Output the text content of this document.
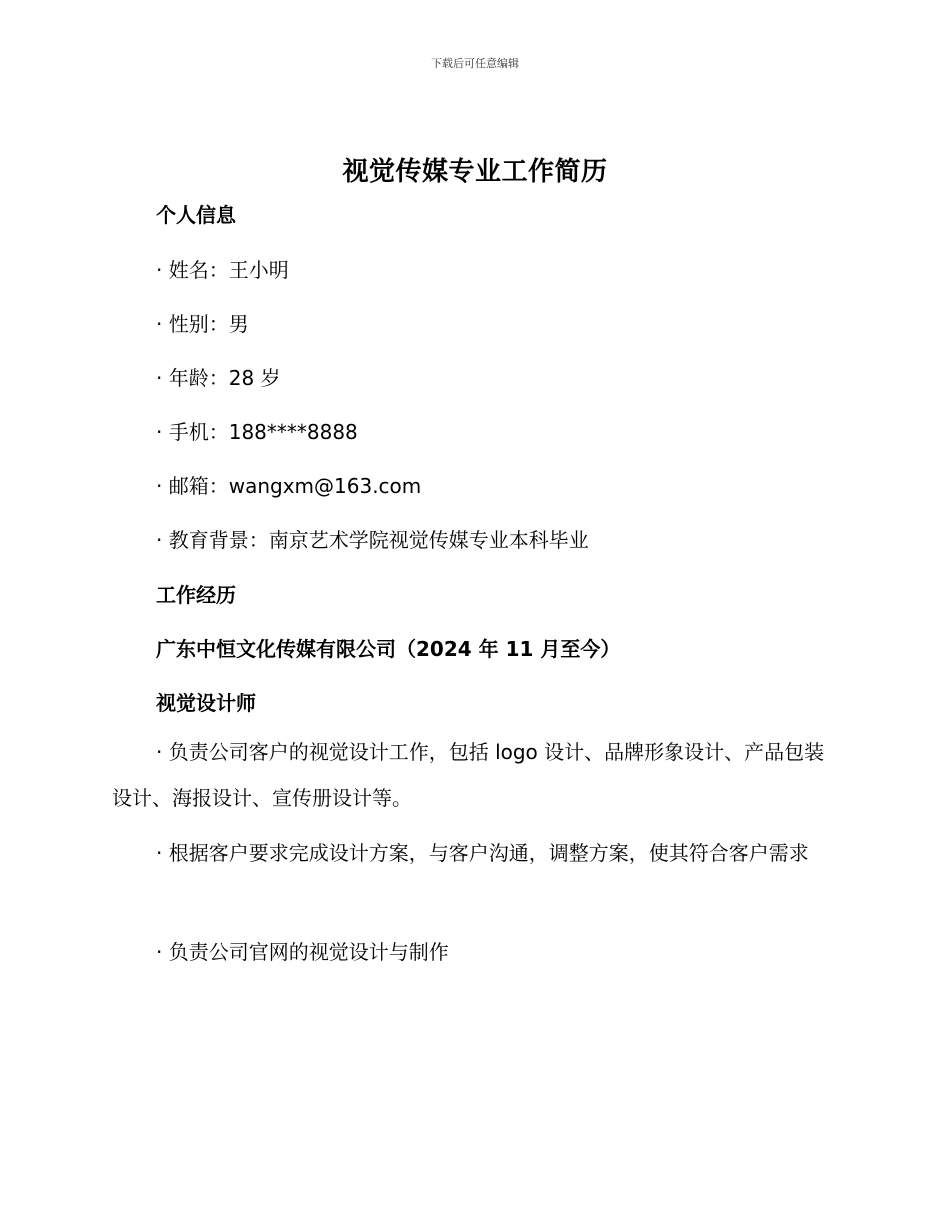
下载后可任意编辑
视觉传媒专业工作简历
个人信息
· 姓名：王小明
· 性别：男
· 年龄：28 岁
· 手机：188****8888
· 邮箱：wangxm@163.com
· 教育背景：南京艺术学院视觉传媒专业本科毕业
工作经历
广东中恒文化传媒有限公司（2024 年 11 月至今）
视觉设计师
· 负责公司客户的视觉设计工作，包括 logo 设计、品牌形象设计、产品包装设计、海报设计、宣传册设计等。
· 根据客户要求完成设计方案，与客户沟通，调整方案，使其符合客户需求
· 负责公司官网的视觉设计与制作
